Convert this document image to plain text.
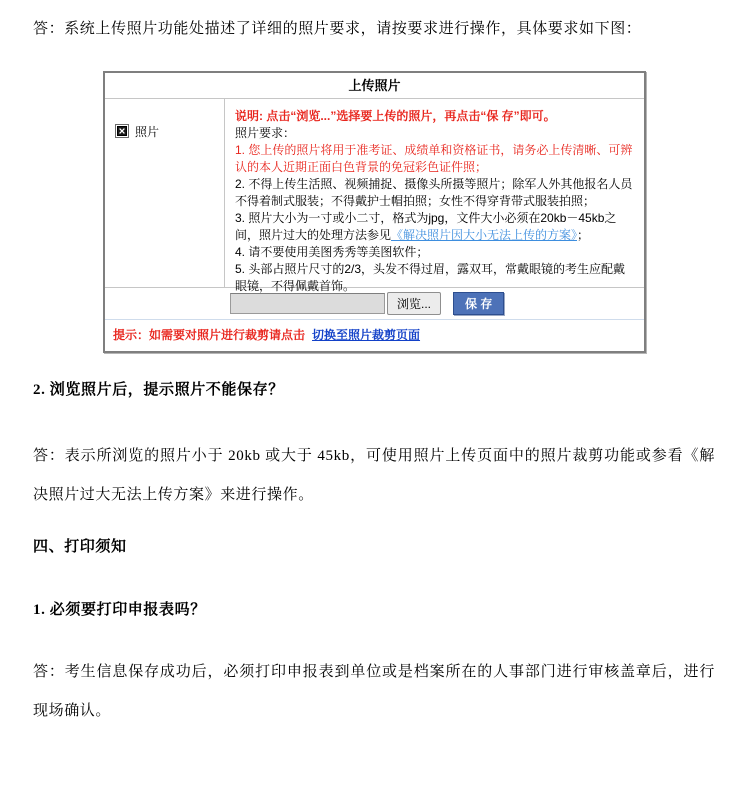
答：系统上传照片功能处描述了详细的照片要求，请按要求进行操作，具体要求如下图：

上传照片
照片
说明: 点击“浏览...”选择要上传的照片，再点击“保 存”即可。
照片要求：
1. 您上传的照片将用于准考证、成绩单和资格证书，请务必上传清晰、可辨认的本人近期正面白色背景的免冠彩色证件照；
2. 不得上传生活照、视频捕捉、摄像头所摄等照片；除军人外其他报名人员不得着制式服装；不得戴护士帽拍照；女性不得穿背带式服装拍照；
3. 照片大小为一寸或小二寸，格式为jpg，文件大小必须在20kb－45kb之间，照片过大的处理方法参见《解决照片因大小无法上传的方案》；
4. 请不要使用美图秀秀等美图软件；
5. 头部占照片尺寸的2/3，头发不得过眉，露双耳，常戴眼镜的考生应配戴眼镜，不得佩戴首饰。
浏览...	保 存
提示：如需要对照片进行裁剪请点击 切换至照片裁剪页面
2. 浏览照片后，提示照片不能保存？

答：表示所浏览的照片小于 20kb 或大于 45kb，可使用照片上传页面中的照片裁剪功能或参看《解决照片过大无法上传方案》来进行操作。

四、打印须知
1. 必须要打印申报表吗？

答：考生信息保存成功后，必须打印申报表到单位或是档案所在的人事部门进行审核盖章后，进行现场确认。
